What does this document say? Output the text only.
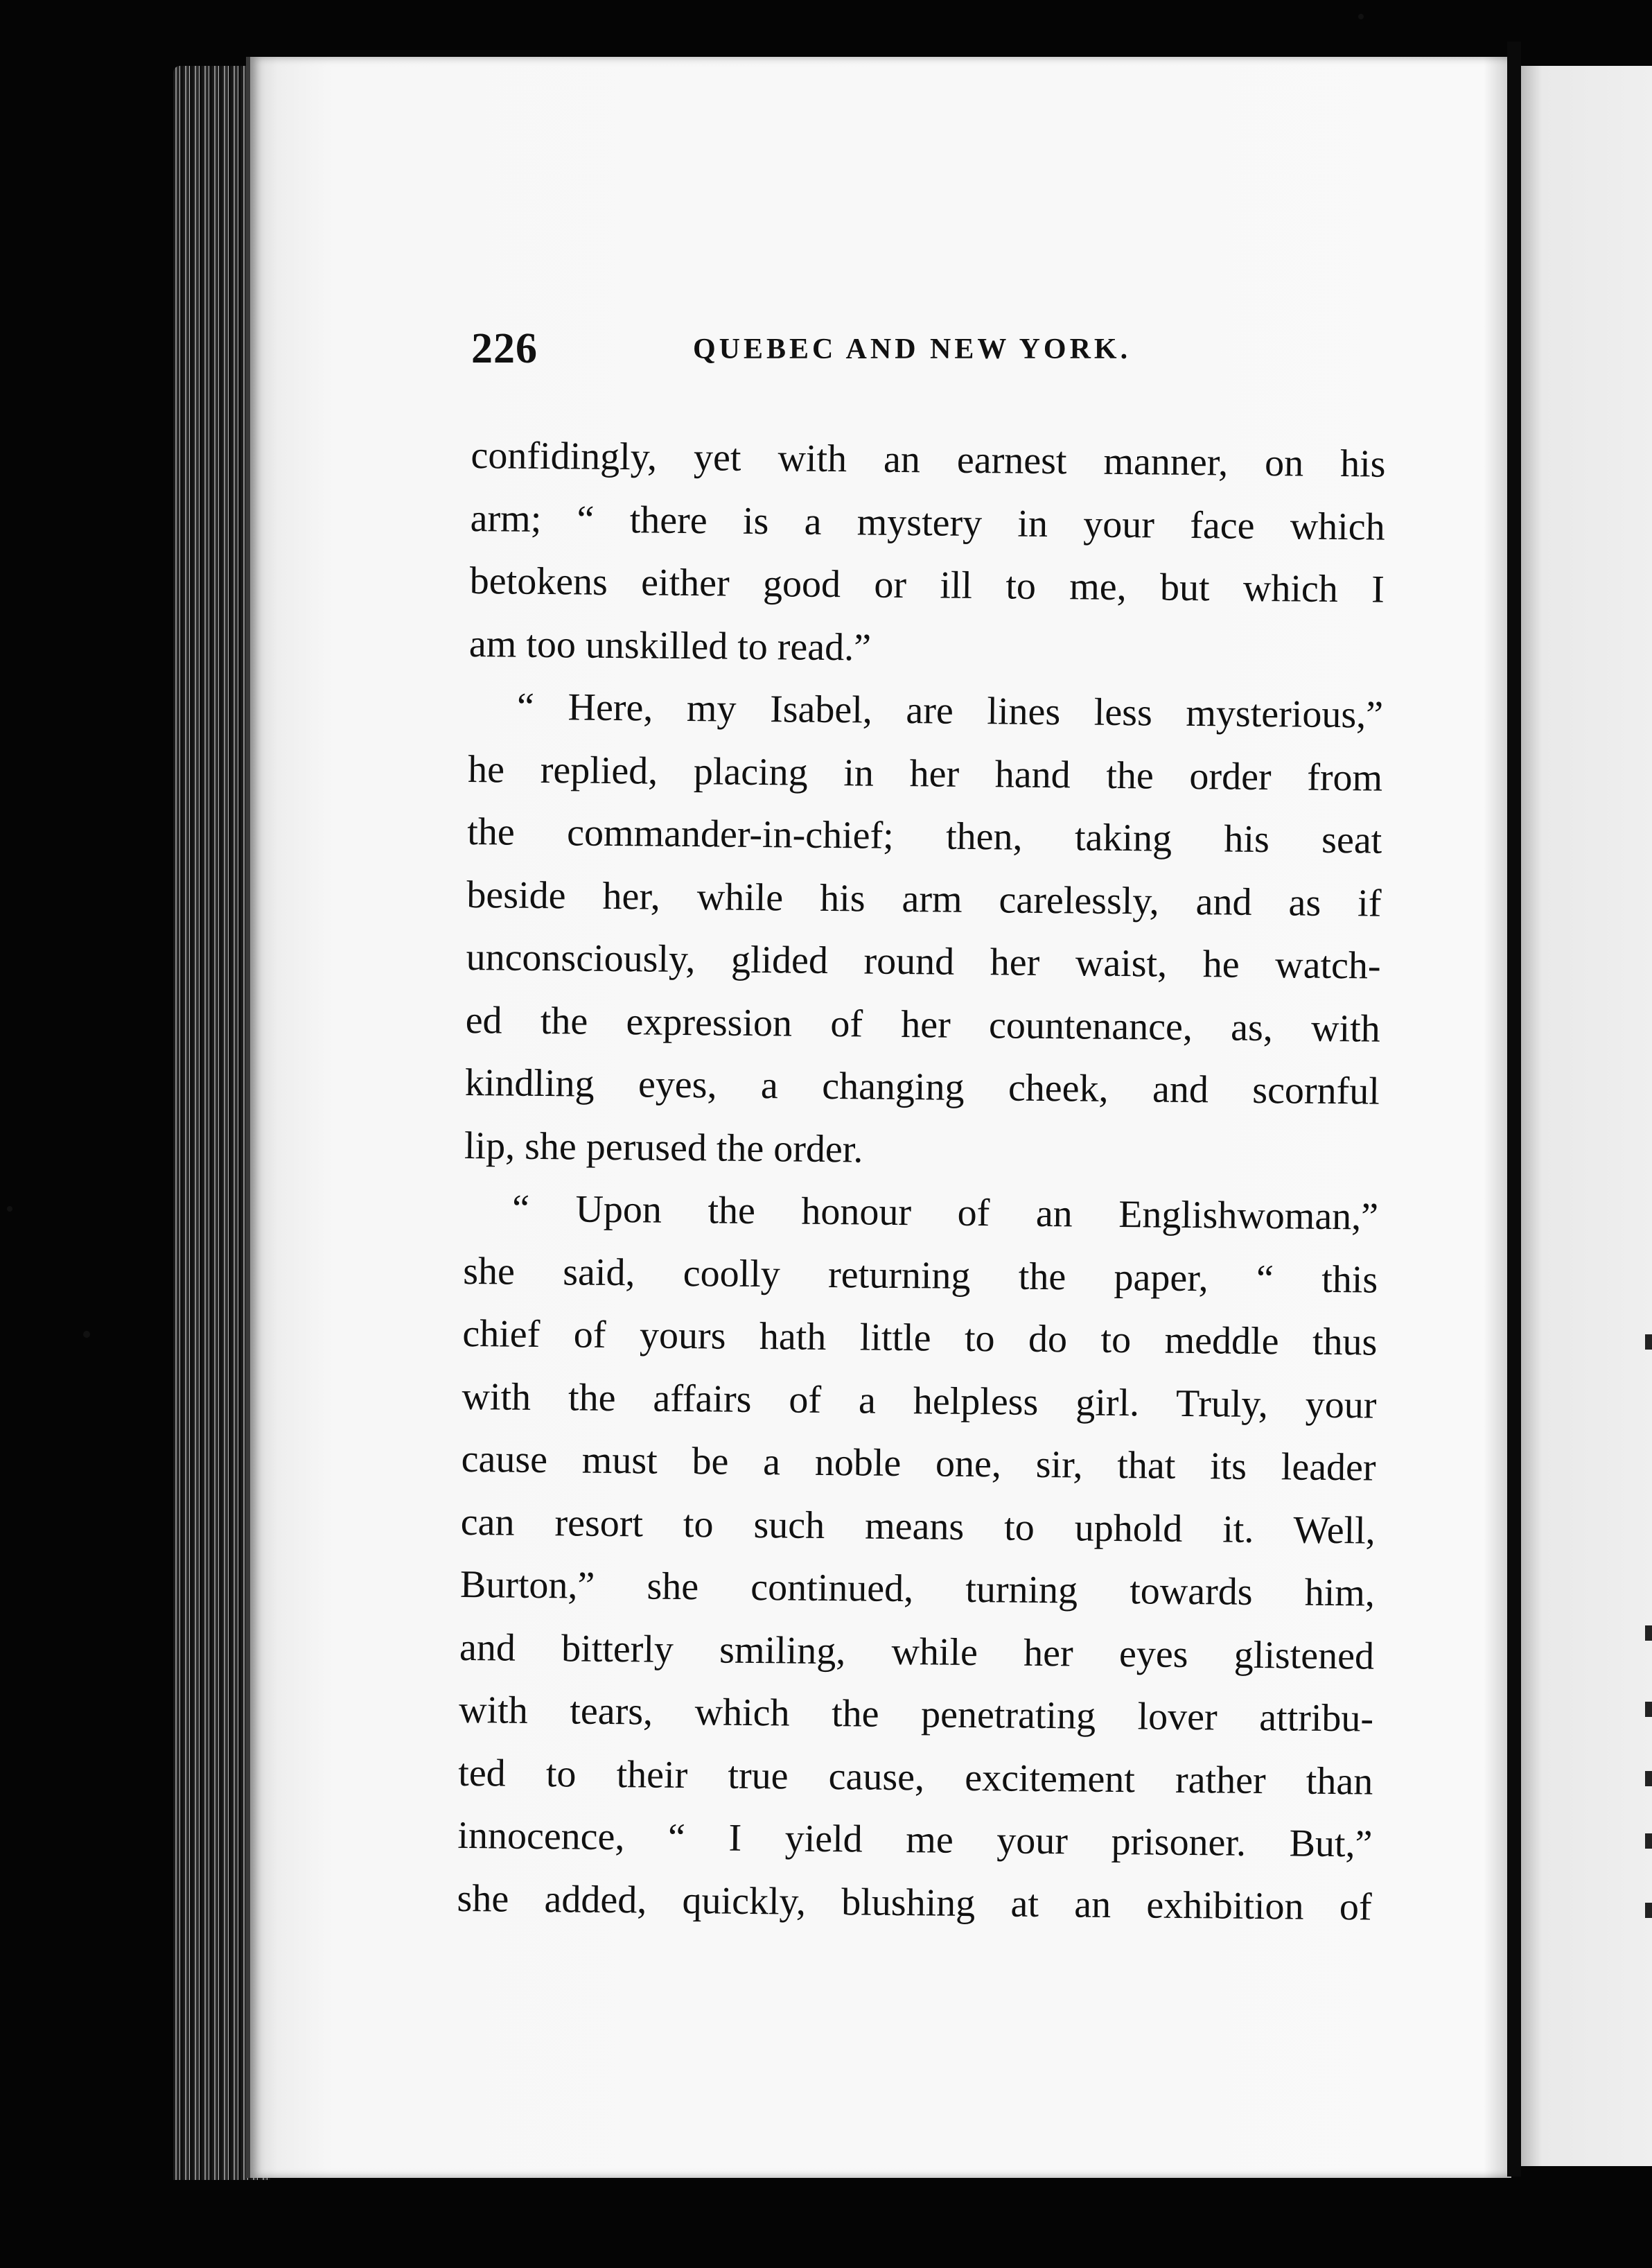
226	QUEBEC AND NEW YORK.
confidingly, yet with an earnest manner, on his
arm; “ there is a mystery in your face which
betokens either good or ill to me, but which I
am too unskilled to read.”
“ Here, my Isabel, are lines less mysterious,”
he replied, placing in her hand the order from
the commander-in-chief; then, taking his seat
beside her, while his arm carelessly, and as if
unconsciously, glided round her waist, he watch-
ed the expression of her countenance, as, with
kindling eyes, a changing cheek, and scornful
lip, she perused the order.
“ Upon the honour of an Englishwoman,”
she said, coolly returning the paper, “ this
chief of yours hath little to do to meddle thus
with the affairs of a helpless girl. Truly, your
cause must be a noble one, sir, that its leader
can resort to such means to uphold it. Well,
Burton,” she continued, turning towards him,
and bitterly smiling, while her eyes glistened
with tears, which the penetrating lover attribu-
ted to their true cause, excitement rather than
innocence, “ I yield me your prisoner. But,”
she added, quickly, blushing at an exhibition of
